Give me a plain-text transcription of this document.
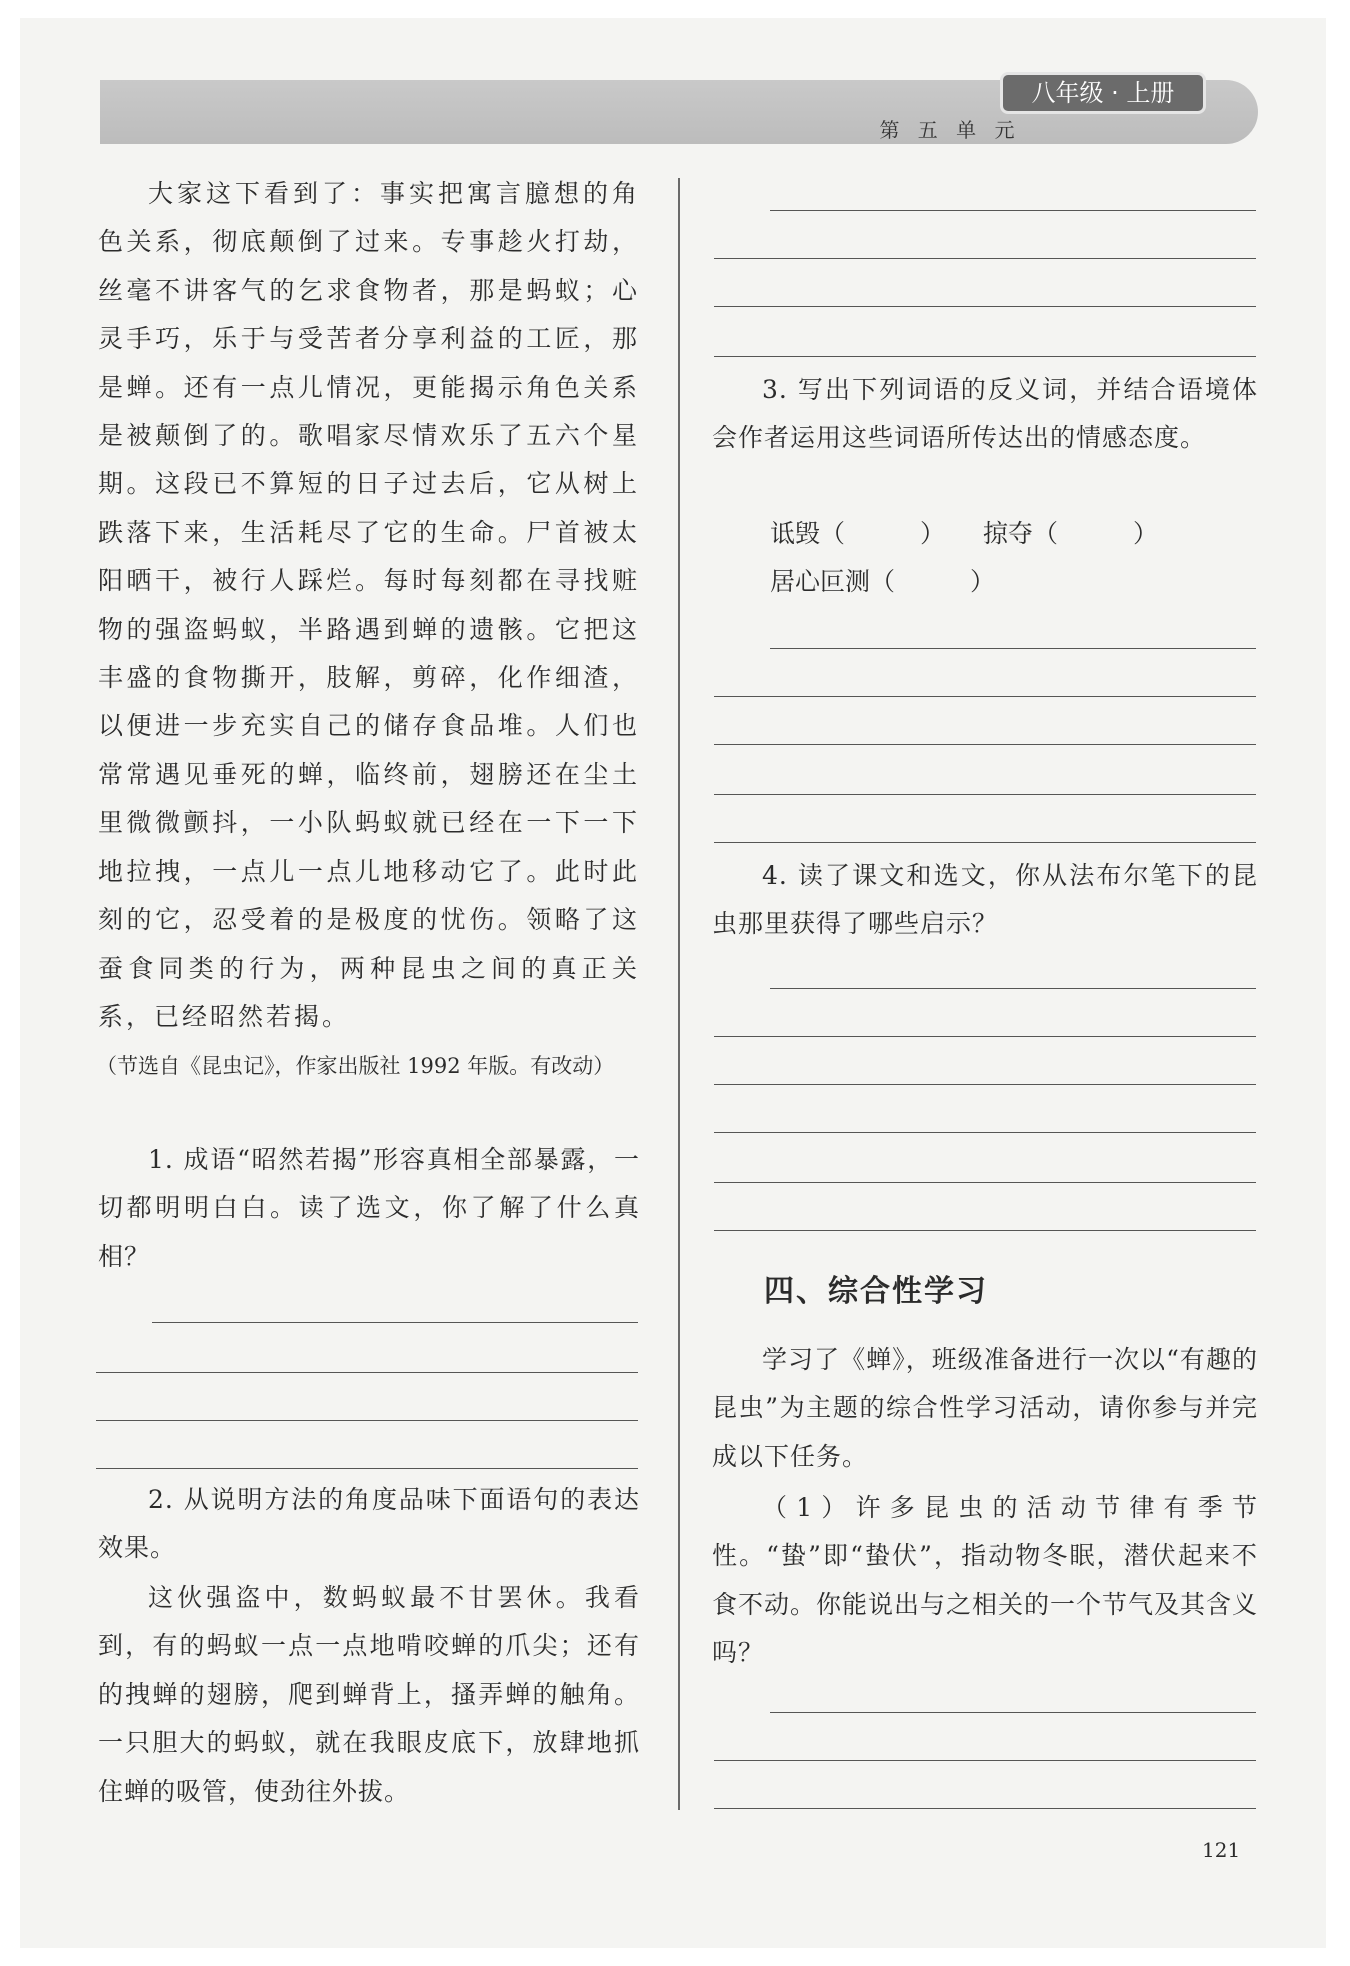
八年级 · 上册
第 五 单 元

大家这下看到了：事实把寓言臆想的角色关系，彻底颠倒了过来。专事趁火打劫，丝毫不讲客气的乞求食物者，那是蚂蚁；心灵手巧，乐于与受苦者分享利益的工匠，那是蝉。还有一点儿情况，更能揭示角色关系是被颠倒了的。歌唱家尽情欢乐了五六个星期。这段已不算短的日子过去后，它从树上跌落下来，生活耗尽了它的生命。尸首被太阳晒干，被行人踩烂。每时每刻都在寻找赃物的强盗蚂蚁，半路遇到蝉的遗骸。它把这丰盛的食物撕开，肢解，剪碎，化作细渣，以便进一步充实自己的储存食品堆。人们也常常遇见垂死的蝉，临终前，翅膀还在尘土里微微颤抖，一小队蚂蚁就已经在一下一下地拉拽，一点儿一点儿地移动它了。此时此刻的它，忍受着的是极度的忧伤。领略了这蚕食同类的行为，两种昆虫之间的真正关系，已经昭然若揭。

（节选自《昆虫记》，作家出版社 1992 年版。有改动）

1. 成语“昭然若揭”形容真相全部暴露，一切都明明白白。读了选文，你了解了什么真相？

2. 从说明方法的角度品味下面语句的表达效果。

这伙强盗中，数蚂蚁最不甘罢休。我看到，有的蚂蚁一点一点地啃咬蝉的爪尖；还有的拽蝉的翅膀，爬到蝉背上，搔弄蝉的触角。一只胆大的蚂蚁，就在我眼皮底下，放肆地抓住蝉的吸管，使劲往外拔。

3. 写出下列词语的反义词，并结合语境体会作者运用这些词语所传达出的情感态度。

诋毁（　　　） 掠夺（　　　）
居心叵测（　　　）

4. 读了课文和选文，你从法布尔笔下的昆虫那里获得了哪些启示？

四、综合性学习

学习了《蝉》，班级准备进行一次以“有趣的昆虫”为主题的综合性学习活动，请你参与并完成以下任务。

（1）许多昆虫的活动节律有季节性。“蛰”即“蛰伏”，指动物冬眠，潜伏起来不食不动。你能说出与之相关的一个节气及其含义吗？

121
